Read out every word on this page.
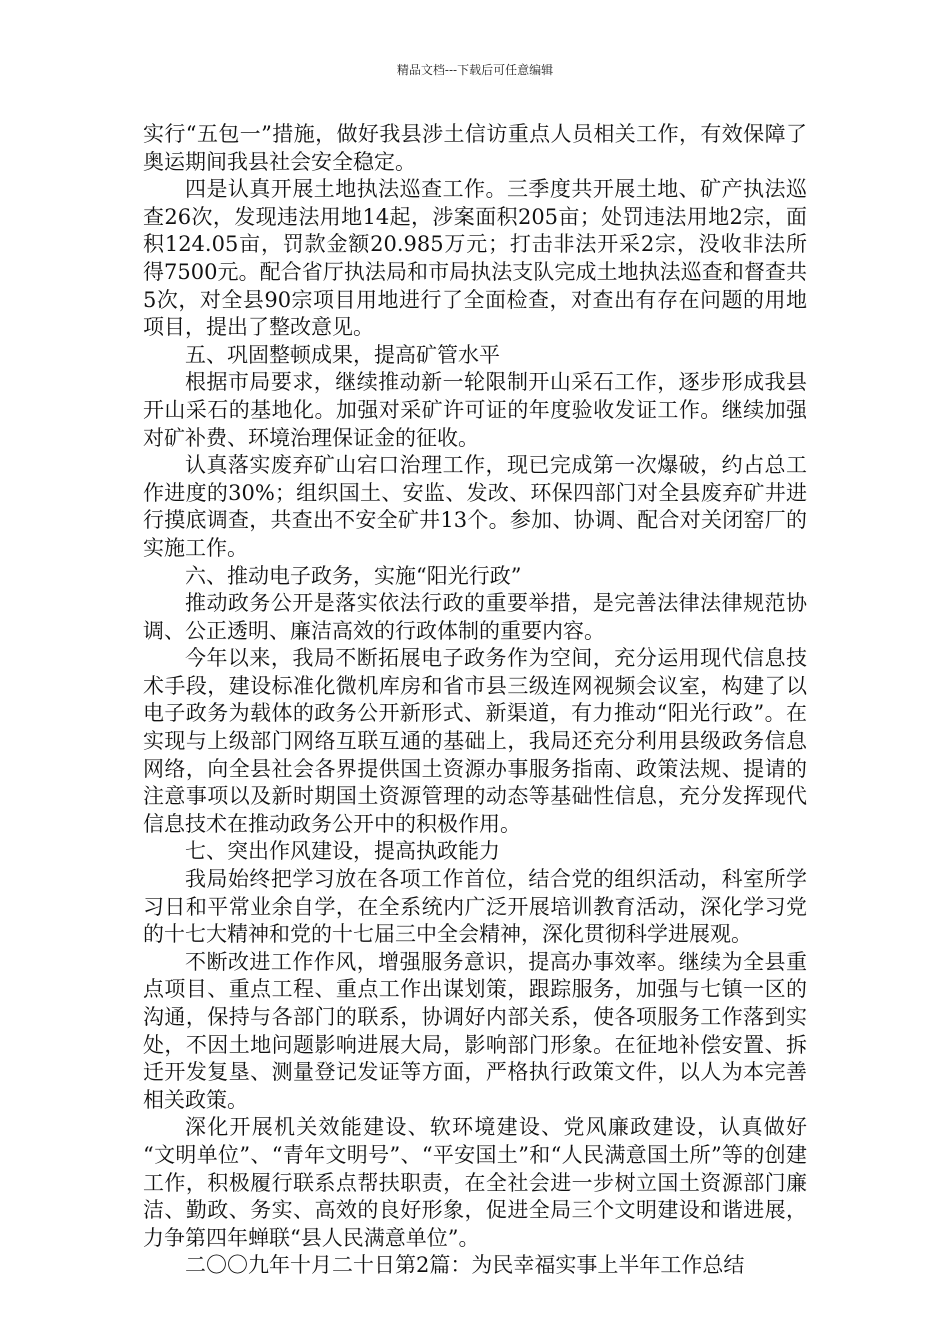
精品文档---下载后可任意编辑

实行“五包一”措施，做好我县涉土信访重点人员相关工作，有效保障了奥运期间我县社会安全稳定。

四是认真开展土地执法巡查工作。三季度共开展土地、矿产执法巡查26次，发现违法用地14起，涉案面积205亩；处罚违法用地2宗，面积124.05亩，罚款金额20.985万元；打击非法开采2宗，没收非法所得7500元。配合省厅执法局和市局执法支队完成土地执法巡查和督查共5次，对全县90宗项目用地进行了全面检查，对查出有存在问题的用地项目，提出了整改意见。

五、巩固整顿成果，提高矿管水平

根据市局要求，继续推动新一轮限制开山采石工作，逐步形成我县开山采石的基地化。加强对采矿许可证的年度验收发证工作。继续加强对矿补费、环境治理保证金的征收。

认真落实废弃矿山宕口治理工作，现已完成第一次爆破，约占总工作进度的30%；组织国土、安监、发改、环保四部门对全县废弃矿井进行摸底调查，共查出不安全矿井13个。参加、协调、配合对关闭窑厂的实施工作。

六、推动电子政务，实施“阳光行政”

推动政务公开是落实依法行政的重要举措，是完善法律法律规范协调、公正透明、廉洁高效的行政体制的重要内容。

今年以来，我局不断拓展电子政务作为空间，充分运用现代信息技术手段，建设标准化微机库房和省市县三级连网视频会议室，构建了以电子政务为载体的政务公开新形式、新渠道，有力推动“阳光行政”。在实现与上级部门网络互联互通的基础上，我局还充分利用县级政务信息网络，向全县社会各界提供国土资源办事服务指南、政策法规、提请的注意事项以及新时期国土资源管理的动态等基础性信息，充分发挥现代信息技术在推动政务公开中的积极作用。

七、突出作风建设，提高执政能力

我局始终把学习放在各项工作首位，结合党的组织活动，科室所学习日和平常业余自学，在全系统内广泛开展培训教育活动，深化学习党的十七大精神和党的十七届三中全会精神，深化贯彻科学进展观。

不断改进工作作风，增强服务意识，提高办事效率。继续为全县重点项目、重点工程、重点工作出谋划策，跟踪服务，加强与七镇一区的沟通，保持与各部门的联系，协调好内部关系，使各项服务工作落到实处，不因土地问题影响进展大局，影响部门形象。在征地补偿安置、拆迁开发复垦、测量登记发证等方面，严格执行政策文件，以人为本完善相关政策。

深化开展机关效能建设、软环境建设、党风廉政建设，认真做好 “文明单位”、“青年文明号”、“平安国土”和“人民满意国土所”等的创建工作，积极履行联系点帮扶职责，在全社会进一步树立国土资源部门廉洁、勤政、务实、高效的良好形象，促进全局三个文明建设和谐进展，力争第四年蝉联“县人民满意单位”。

二〇〇九年十月二十日第2篇：为民幸福实事上半年工作总结
